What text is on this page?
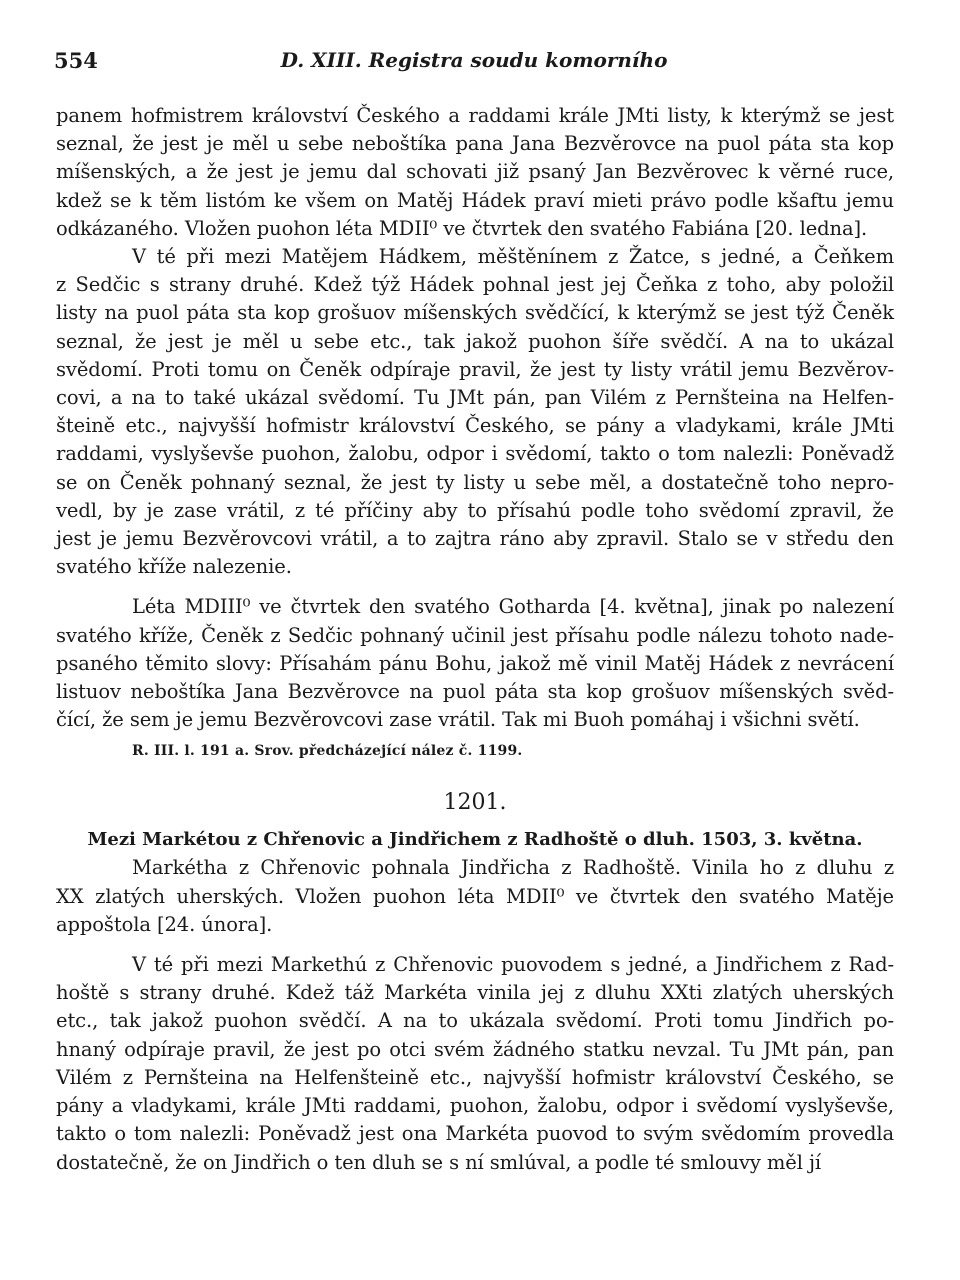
554	D. XIII. Registra soudu komorního
panem hofmistrem království Českého a raddami krále JMti listy, k kterýmž se jest
seznal, že jest je měl u sebe neboštíka pana Jana Bezvěrovce na puol páta sta kop
míšenských, a že jest je jemu dal schovati již psaný Jan Bezvěrovec k věrné ruce,
kdež se k těm listóm ke všem on Matěj Hádek praví mieti právo podle kšaftu jemu
odkázaného. Vložen puohon léta MDII⁰ ve čtvrtek den svatého Fabiána [20. ledna].
V té při mezi Matějem Hádkem, měštěnínem z Žatce, s jedné, a Čeňkem
z Sedčic s strany druhé. Kdež týž Hádek pohnal jest jej Čeňka z toho, aby položil
listy na puol páta sta kop grošuov míšenských svědčící, k kterýmž se jest týž Čeněk
seznal, že jest je měl u sebe etc., tak jakož puohon šíře svědčí. A na to ukázal
svědomí. Proti tomu on Čeněk odpíraje pravil, že jest ty listy vrátil jemu Bezvěrov-
covi, a na to také ukázal svědomí. Tu JMt pán, pan Vilém z Pernšteina na Helfen-
šteině etc., najvyšší hofmistr království Českého, se pány a vladykami, krále JMti
raddami, vyslyševše puohon, žalobu, odpor i svědomí, takto o tom nalezli: Poněvadž
se on Čeněk pohnaný seznal, že jest ty listy u sebe měl, a dostatečně toho nepro-
vedl, by je zase vrátil, z té příčiny aby to přísahú podle toho svědomí zpravil, že
jest je jemu Bezvěrovcovi vrátil, a to zajtra ráno aby zpravil. Stalo se v středu den
svatého kříže nalezenie.
Léta MDIII⁰ ve čtvrtek den svatého Gotharda [4. května], jinak po nalezení
svatého kříže, Čeněk z Sedčic pohnaný učinil jest přísahu podle nálezu tohoto nadе-
psaného těmito slovy: Přísahám pánu Bohu, jakož mě vinil Matěj Hádek z nevrácení
listuov neboštíka Jana Bezvěrovce na puol páta sta kop grošuov míšenských svěd-
čící, že sem je jemu Bezvěrovcovi zase vrátil. Tak mi Buoh pomáhaj i všichni světí.
R. III. l. 191 a. Srov. předcházející nález č. 1199.
1201.
Mezi Markétou z Chřenovic a Jindřichem z Radhoště o dluh. 1503, 3. května.
Markétha z Chřenovic pohnala Jindřicha z Radhoště. Vinila ho z dluhu z
XX zlatých uherských. Vložen puohon léta MDII⁰ ve čtvrtek den svatého Matěje
appoštola [24. února].
V té při mezi Markethú z Chřenovic puovodem s jedné, a Jindřichem z Rad-
hoště s strany druhé. Kdež táž Markéta vinila jej z dluhu XXti zlatých uherských
etc., tak jakož puohon svědčí. A na to ukázala svědomí. Proti tomu Jindřich po-
hnaný odpíraje pravil, že jest po otci svém žádného statku nevzal. Tu JMt pán, pan
Vilém z Pernšteina na Helfenšteině etc., najvyšší hofmistr království Českého, se
pány a vladykami, krále JMti raddami, puohon, žalobu, odpor i svědomí vyslyševše,
takto o tom nalezli: Poněvadž jest ona Markéta puovod to svým svědomím provedla
dostatečně, že on Jindřich o ten dluh se s ní smlúval, a podle té smlouvy měl jí
